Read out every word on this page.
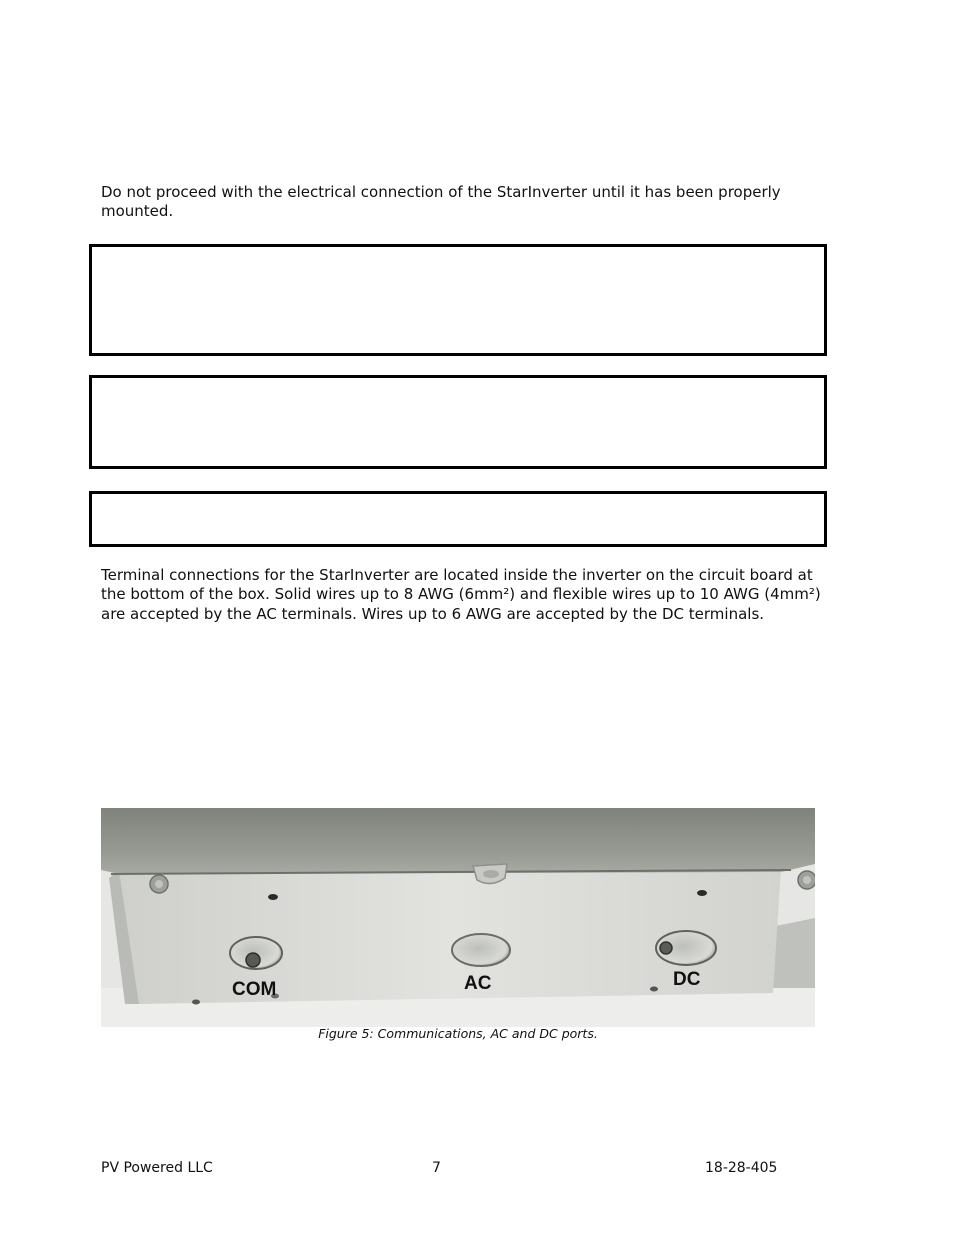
Do not proceed with the electrical connection of the StarInverter until it has been properly mounted.

Terminal connections for the StarInverter are located inside the inverter on the circuit board at the bottom of the box. Solid wires up to 8 AWG (6mm²) and flexible wires up to 10 AWG (4mm²) are accepted by the AC terminals. Wires up to 6 AWG are accepted by the DC terminals.

COM	AC	DC

Figure 5: Communications, AC and DC ports.

PV Powered LLC	7	18-28-405
